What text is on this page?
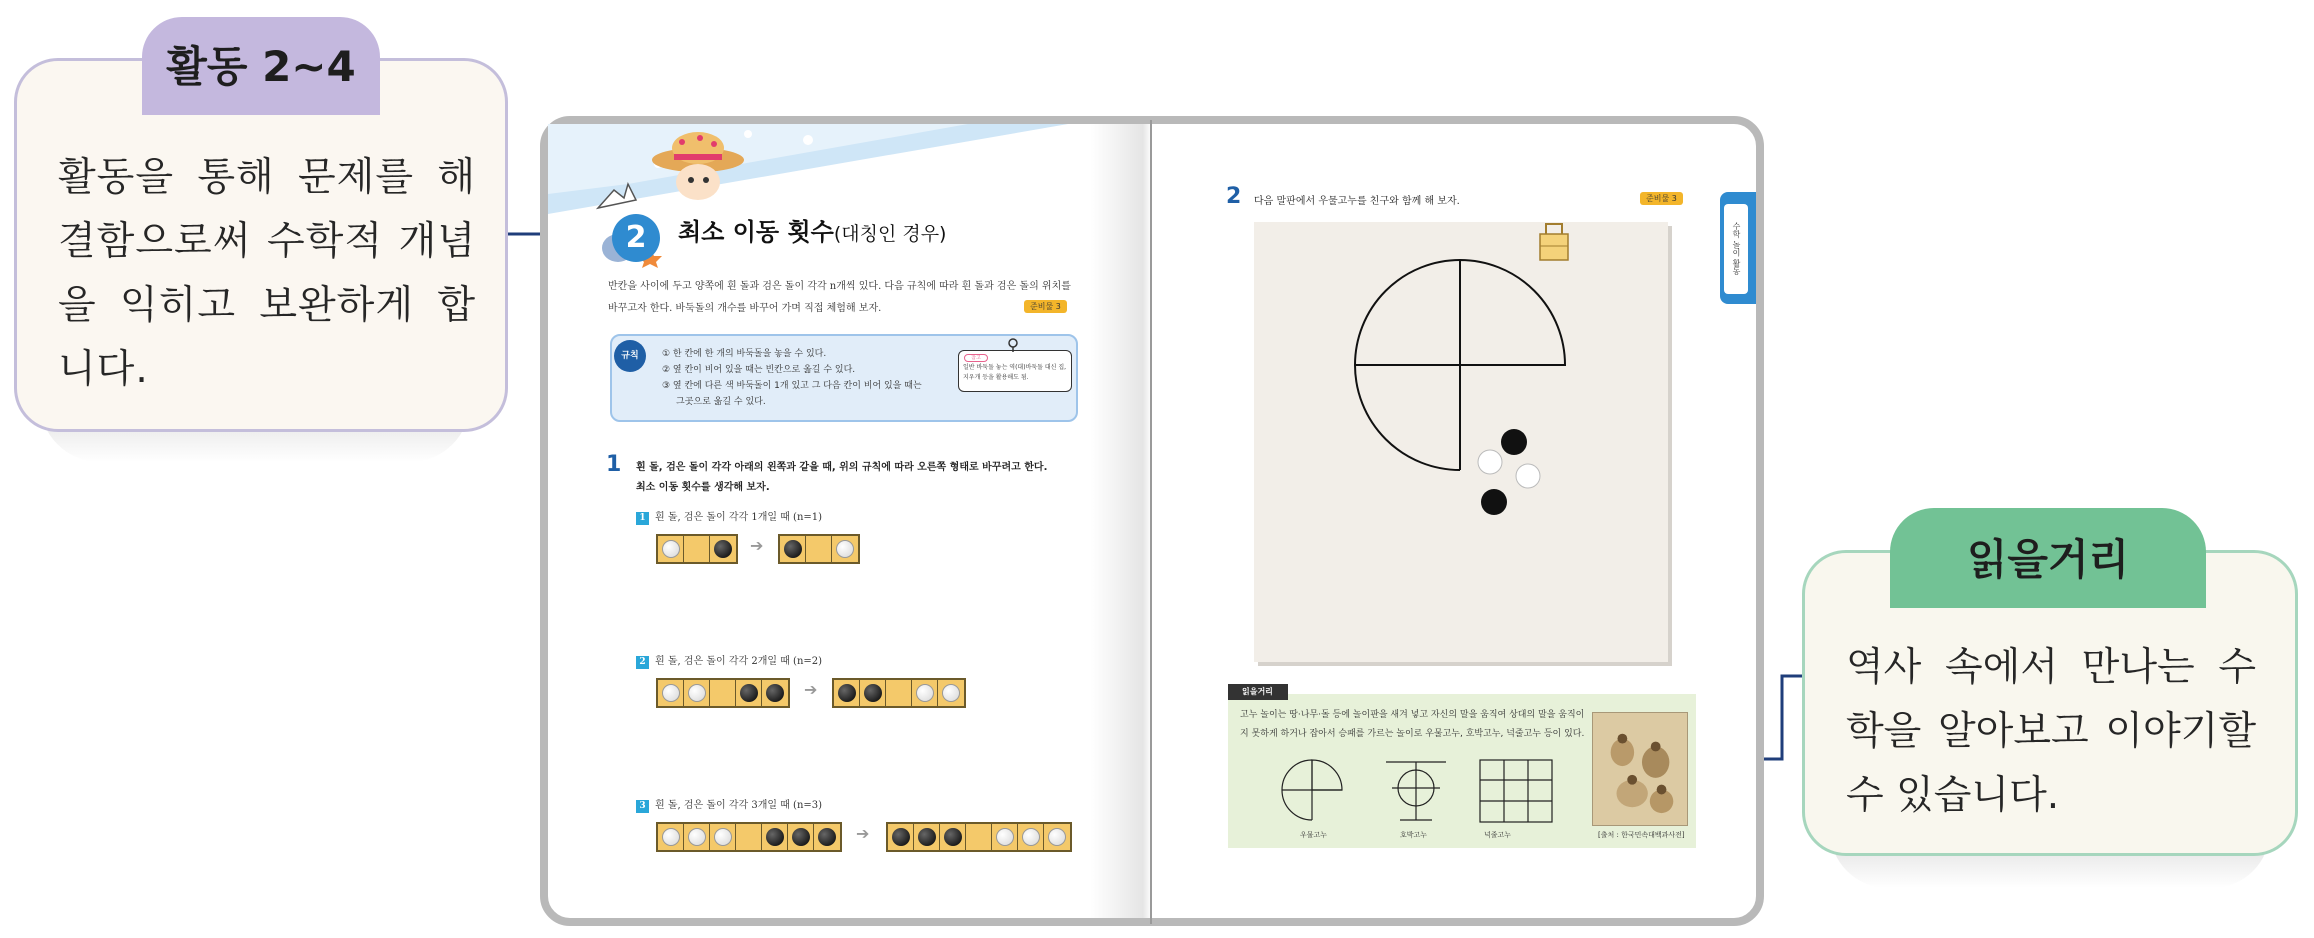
활동 2~4
활동을 통해 문제를 해결함으로써 수학적 개념을 익히고 보완하게 합니다.
2	최소 이동 횟수(대칭인 경우)
반칸을 사이에 두고 양쪽에 흰 돌과 검은 돌이 각각 n개씩 있다. 다음 규칙에 따라 흰 돌과 검은 돌의 위치를 바꾸고자 한다. 바둑돌의 개수를 바꾸어 가며 직접 체험해 보자.	준비물 3
규칙	① 한 칸에 한 개의 바둑돌을 놓을 수 있다.
② 옆 칸이 비어 있을 때는 빈칸으로 옮길 수 있다.
③ 옆 칸에 다른 색 바둑돌이 1개 있고 그 다음 칸이 비어 있을 때는
그곳으로 옮길 수 있다.
일반 바둑돌 놓는 역(대)바둑돌 대신 집, 지우개 등을 활용해도 됨.
참고
1 흰 돌, 검은 돌이 각각 아래의 왼쪽과 같을 때, 위의 규칙에 따라 오른쪽 형태로 바꾸려고 한다.
최소 이동 횟수를 생각해 보자.
1 흰 돌, 검은 돌이 각각 1개일 때 (n=1)
2 흰 돌, 검은 돌이 각각 2개일 때 (n=2)
3 흰 돌, 검은 돌이 각각 3개일 때 (n=3)
➔
➔
➔
2 다음 말판에서 우물고누를 친구와 함께 해 보자.	준비물 3
수학 놀이 활동
읽을거리
고누 놀이는 땅·나무·돌 등에 놀이판을 새겨 넣고 자신의 말을 움직여 상대의 말을 움직이지 못하게 하거나 잡아서 승패를 가르는 놀이로 우물고누, 호박고누, 넉줄고누 등이 있다.
우물고누	호박고누	넉줄고누	[출처 : 한국민속대백과사전]
읽을거리
역사 속에서 만나는 수학을 알아보고 이야기할 수 있습니다.
